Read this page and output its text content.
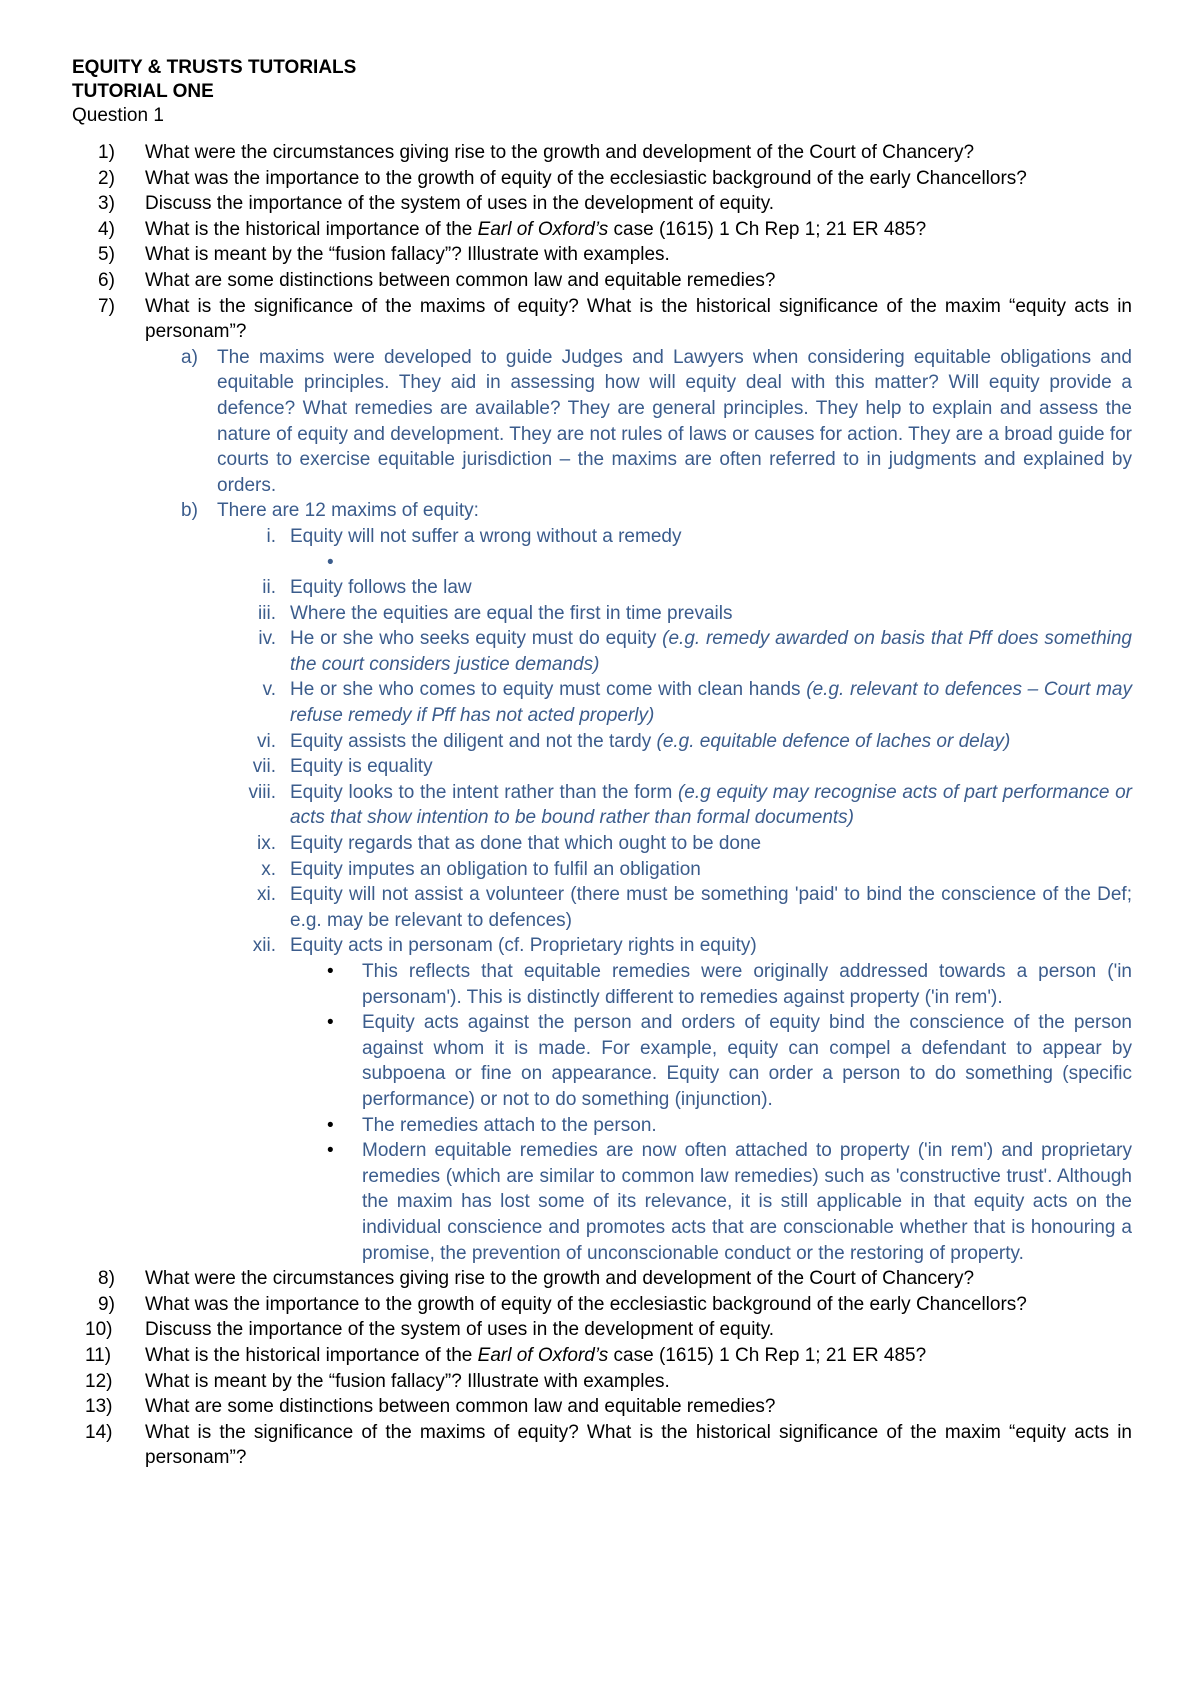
EQUITY & TRUSTS TUTORIALS
TUTORIAL ONE
Question 1
1) What were the circumstances giving rise to the growth and development of the Court of Chancery?
2) What was the importance to the growth of equity of the ecclesiastic background of the early Chancellors?
3) Discuss the importance of the system of uses in the development of equity.
4) What is the historical importance of the Earl of Oxford’s case (1615) 1 Ch Rep 1; 21 ER 485?
5) What is meant by the “fusion fallacy”? Illustrate with examples.
6) What are some distinctions between common law and equitable remedies?
7) What is the significance of the maxims of equity? What is the historical significance of the maxim “equity acts in personam”?
a) The maxims were developed to guide Judges and Lawyers when considering equitable obligations and equitable principles. They aid in assessing how will equity deal with this matter? Will equity provide a defence? What remedies are available? They are general principles. They help to explain and assess the nature of equity and development. They are not rules of laws or causes for action. They are a broad guide for courts to exercise equitable jurisdiction – the maxims are often referred to in judgments and explained by orders.
b) There are 12 maxims of equity:
i. Equity will not suffer a wrong without a remedy
•
ii. Equity follows the law
iii. Where the equities are equal the first in time prevails
iv. He or she who seeks equity must do equity (e.g. remedy awarded on basis that Pff does something the court considers justice demands)
v. He or she who comes to equity must come with clean hands (e.g. relevant to defences – Court may refuse remedy if Pff has not acted properly)
vi. Equity assists the diligent and not the tardy (e.g. equitable defence of laches or delay)
vii. Equity is equality
viii. Equity looks to the intent rather than the form (e.g equity may recognise acts of part performance or acts that show intention to be bound rather than formal documents)
ix. Equity regards that as done that which ought to be done
x. Equity imputes an obligation to fulfil an obligation
xi. Equity will not assist a volunteer (there must be something 'paid' to bind the conscience of the Def; e.g. may be relevant to defences)
xii. Equity acts in personam (cf. Proprietary rights in equity)
• This reflects that equitable remedies were originally addressed towards a person ('in personam'). This is distinctly different to remedies against property ('in rem').
• Equity acts against the person and orders of equity bind the conscience of the person against whom it is made. For example, equity can compel a defendant to appear by subpoena or fine on appearance. Equity can order a person to do something (specific performance) or not to do something (injunction).
• The remedies attach to the person.
• Modern equitable remedies are now often attached to property ('in rem') and proprietary remedies (which are similar to common law remedies) such as 'constructive trust'. Although the maxim has lost some of its relevance, it is still applicable in that equity acts on the individual conscience and promotes acts that are conscionable whether that is honouring a promise, the prevention of unconscionable conduct or the restoring of property.
8) What were the circumstances giving rise to the growth and development of the Court of Chancery?
9) What was the importance to the growth of equity of the ecclesiastic background of the early Chancellors?
10) Discuss the importance of the system of uses in the development of equity.
11) What is the historical importance of the Earl of Oxford’s case (1615) 1 Ch Rep 1; 21 ER 485?
12) What is meant by the “fusion fallacy”? Illustrate with examples.
13) What are some distinctions between common law and equitable remedies?
14) What is the significance of the maxims of equity? What is the historical significance of the maxim “equity acts in personam”?
